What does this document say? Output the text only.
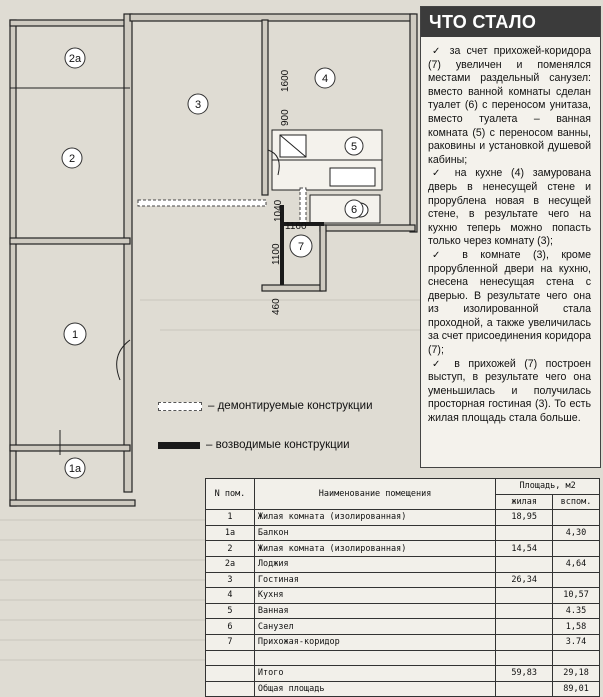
2а
2
3
4
5
6
7
1
1а
1600
900
1040
1160
1100
460
ЧТО СТАЛО

✓ за счет прихожей-коридора (7) увеличен и поменялся местами раздельный санузел: вместо ванной комнаты сделан туалет (6) с переносом унитаза, вместо туалета – ванная комната (5) с переносом ванны, раковины и установкой душевой кабины;

✓ на кухне (4) замурована дверь в ненесущей стене и прорублена новая в несущей стене, в результате чего на кухню теперь можно попасть только через комнату (3);

✓ в комнате (3), кроме прорубленной двери на кухню, снесена ненесущая стена с дверью. В результате чего она из изолированной стала проходной, а также увеличилась за счет присоединения коридора (7);

✓ в прихожей (7) построен выступ, в результате чего она уменьшилась и получилась просторная гостиная (3). То есть жилая площадь стала больше.

– демонтируемые конструкции
– возводимые конструкции
N пом.	Наименование помещения	Площадь, м2	
		жилая	вспом.
1	Жилая комната (изолированная)	18,95	
1а	Балкон		4,30
2	Жилая комната (изолированная)	14,54	
2а	Лоджия		4,64
3	Гостиная	26,34	
4	Кухня		10,57
5	Ванная		4.35
6	Санузел		1,58
7	Прихожая-коридор		3.74

	Итого	59,83	29,18
	Общая площадь		89,01
